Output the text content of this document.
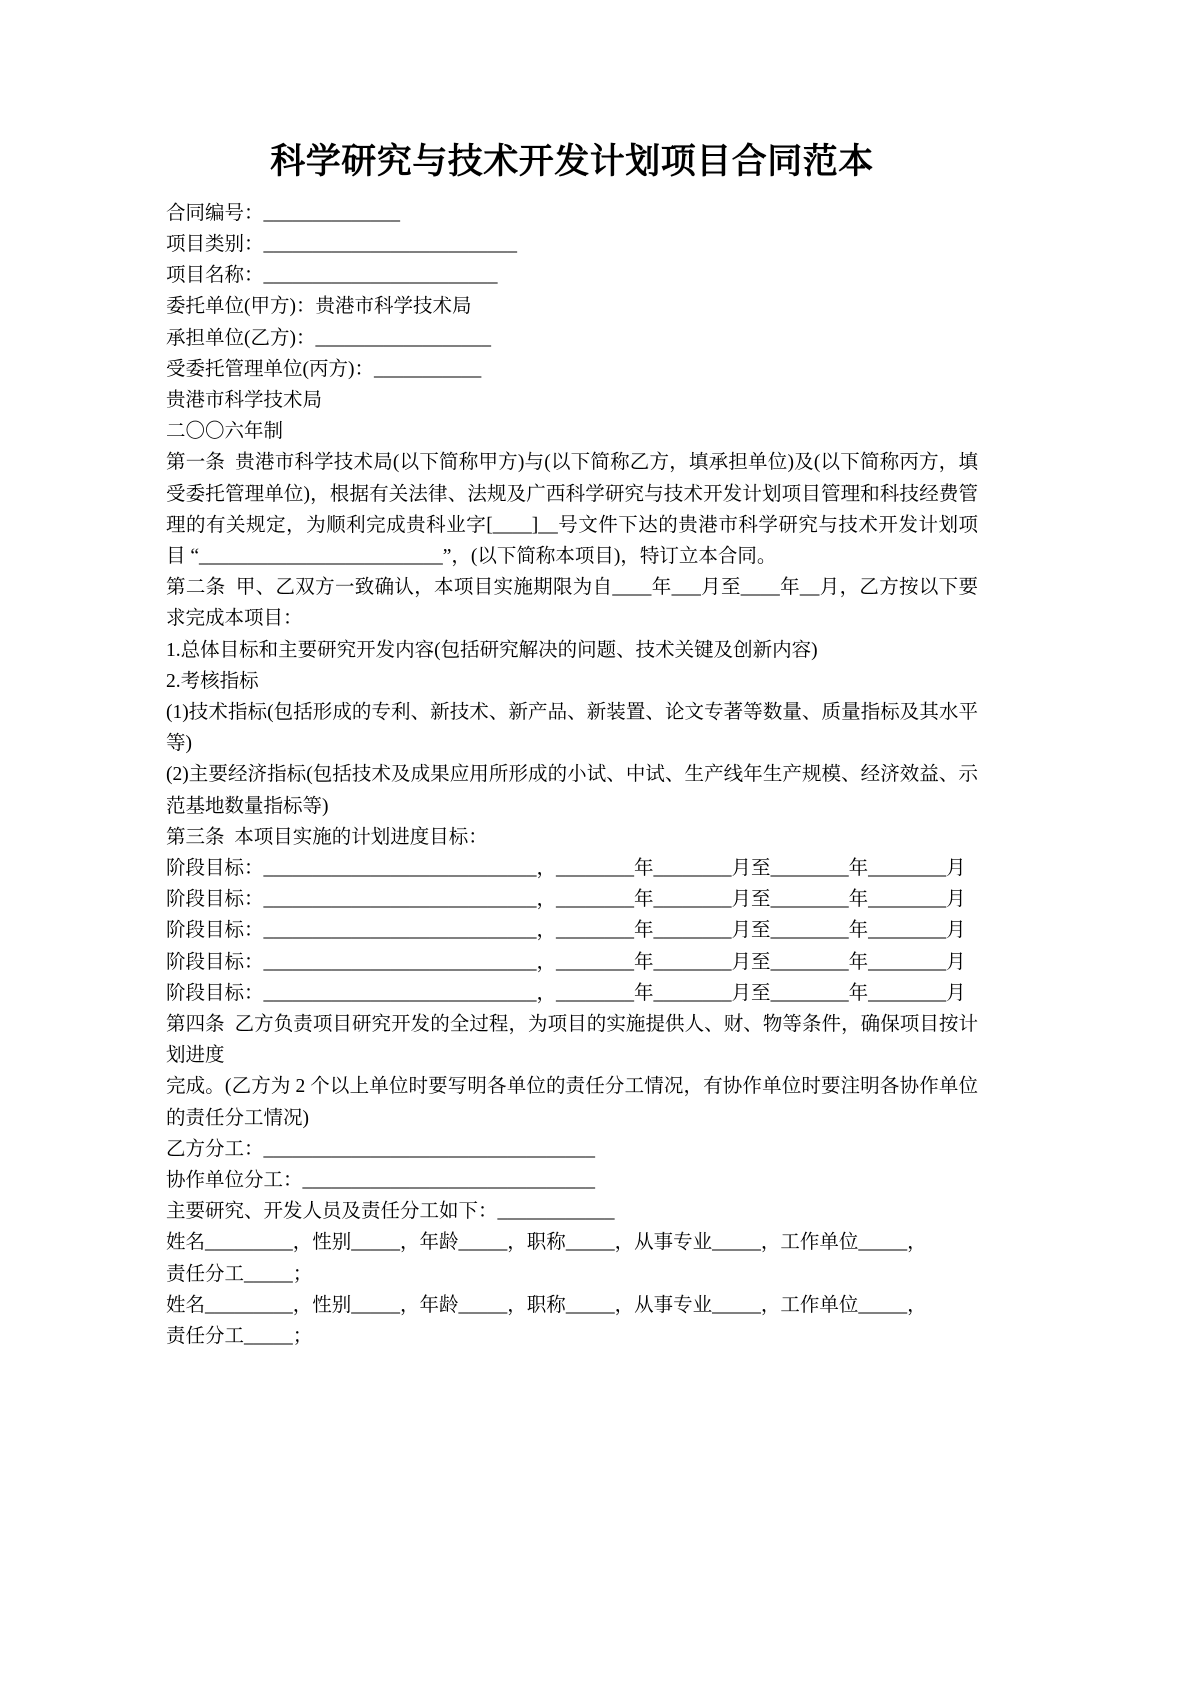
科学研究与技术开发计划项目合同范本

合同编号：______________

项目类别：__________________________

项目名称：________________________

委托单位(甲方)：贵港市科学技术局

承担单位(乙方)：__________________

受委托管理单位(丙方)：___________

贵港市科学技术局

二〇〇六年制

第一条  贵港市科学技术局(以下简称甲方)与(以下简称乙方，填承担单位)及(以下简称丙方，填受委托管理单位)，根据有关法律、法规及广西科学研究与技术开发计划项目管理和科技经费管理的有关规定，为顺利完成贵科业字[____]__号文件下达的贵港市科学研究与技术开发计划项目 “_________________________”，(以下简称本项目)，特订立本合同。

第二条  甲、乙双方一致确认，本项目实施期限为自____年___月至____年__月，乙方按以下要求完成本项目：

1.总体目标和主要研究开发内容(包括研究解决的问题、技术关键及创新内容)

2.考核指标

(1)技术指标(包括形成的专利、新技术、新产品、新装置、论文专著等数量、质量指标及其水平等)

(2)主要经济指标(包括技术及成果应用所形成的小试、中试、生产线年生产规模、经济效益、示范基地数量指标等)

第三条  本项目实施的计划进度目标：

阶段目标：____________________________，________年________月至________年________月

阶段目标：____________________________，________年________月至________年________月

阶段目标：____________________________，________年________月至________年________月

阶段目标：____________________________，________年________月至________年________月

阶段目标：____________________________，________年________月至________年________月

第四条  乙方负责项目研究开发的全过程，为项目的实施提供人、财、物等条件，确保项目按计划进度

完成。(乙方为 2 个以上单位时要写明各单位的责任分工情况，有协作单位时要注明各协作单位的责任分工情况)

乙方分工：__________________________________

协作单位分工：______________________________

主要研究、开发人员及责任分工如下：____________

姓名_________，性别_____，年龄_____，职称_____，从事专业_____，工作单位_____，

责任分工_____；

姓名_________，性别_____，年龄_____，职称_____，从事专业_____，工作单位_____，

责任分工_____；
